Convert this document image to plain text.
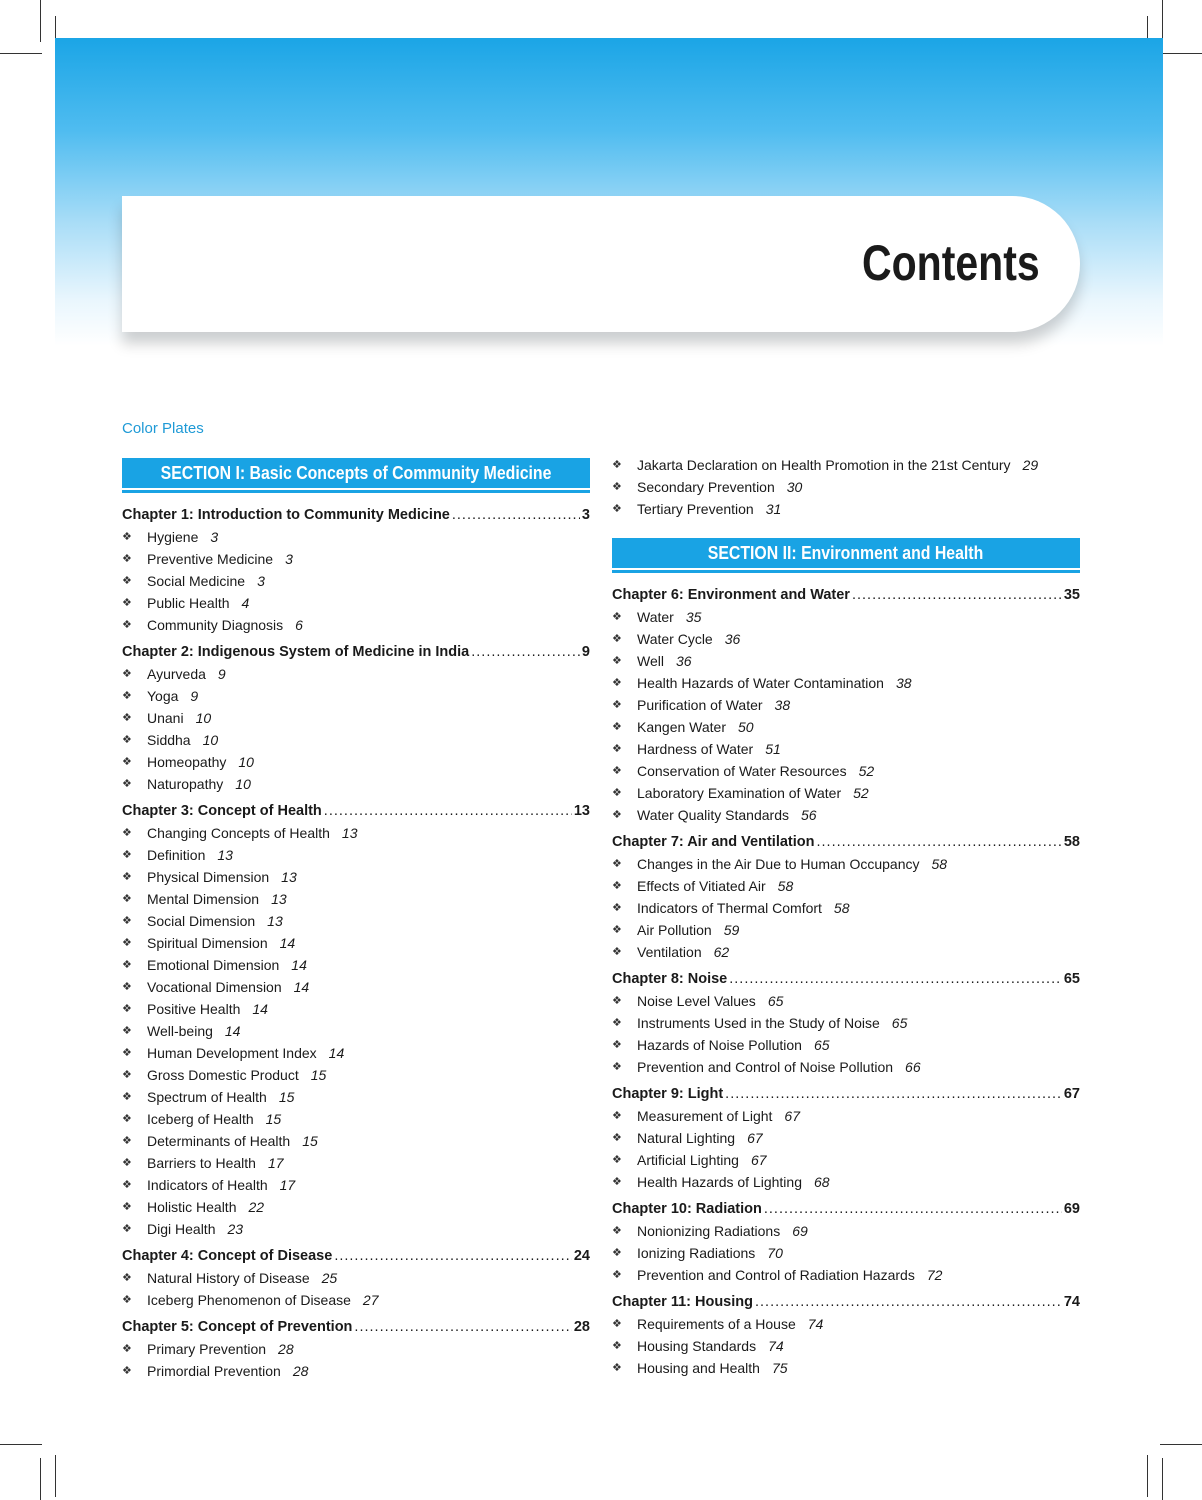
Contents
Color Plates
SECTION I: Basic Concepts of Community Medicine
Chapter 1: Introduction to Community Medicine .....	3
❖ Hygiene 3
❖ Preventive Medicine 3
❖ Social Medicine 3
❖ Public Health 4
❖ Community Diagnosis 6
Chapter 2: Indigenous System of Medicine in India .....	9
❖ Ayurveda 9
❖ Yoga 9
❖ Unani 10
❖ Siddha 10
❖ Homeopathy 10
❖ Naturopathy 10
Chapter 3: Concept of Health .....	13
❖ Changing Concepts of Health 13
❖ Definition 13
❖ Physical Dimension 13
❖ Mental Dimension 13
❖ Social Dimension 13
❖ Spiritual Dimension 14
❖ Emotional Dimension 14
❖ Vocational Dimension 14
❖ Positive Health 14
❖ Well-being 14
❖ Human Development Index 14
❖ Gross Domestic Product 15
❖ Spectrum of Health 15
❖ Iceberg of Health 15
❖ Determinants of Health 15
❖ Barriers to Health 17
❖ Indicators of Health 17
❖ Holistic Health 22
❖ Digi Health 23
Chapter 4: Concept of Disease .....	24
❖ Natural History of Disease 25
❖ Iceberg Phenomenon of Disease 27
Chapter 5: Concept of Prevention .....	28
❖ Primary Prevention 28
❖ Primordial Prevention 28
❖ Jakarta Declaration on Health Promotion in the 21st Century 29
❖ Secondary Prevention 30
❖ Tertiary Prevention 31
SECTION II: Environment and Health
Chapter 6: Environment and Water .....	35
❖ Water 35
❖ Water Cycle 36
❖ Well 36
❖ Health Hazards of Water Contamination 38
❖ Purification of Water 38
❖ Kangen Water 50
❖ Hardness of Water 51
❖ Conservation of Water Resources 52
❖ Laboratory Examination of Water 52
❖ Water Quality Standards 56
Chapter 7: Air and Ventilation .....	58
❖ Changes in the Air Due to Human Occupancy 58
❖ Effects of Vitiated Air 58
❖ Indicators of Thermal Comfort 58
❖ Air Pollution 59
❖ Ventilation 62
Chapter 8: Noise .....	65
❖ Noise Level Values 65
❖ Instruments Used in the Study of Noise 65
❖ Hazards of Noise Pollution 65
❖ Prevention and Control of Noise Pollution 66
Chapter 9: Light .....	67
❖ Measurement of Light 67
❖ Natural Lighting 67
❖ Artificial Lighting 67
❖ Health Hazards of Lighting 68
Chapter 10: Radiation .....	69
❖ Nonionizing Radiations 69
❖ Ionizing Radiations 70
❖ Prevention and Control of Radiation Hazards 72
Chapter 11: Housing .....	74
❖ Requirements of a House 74
❖ Housing Standards 74
❖ Housing and Health 75
